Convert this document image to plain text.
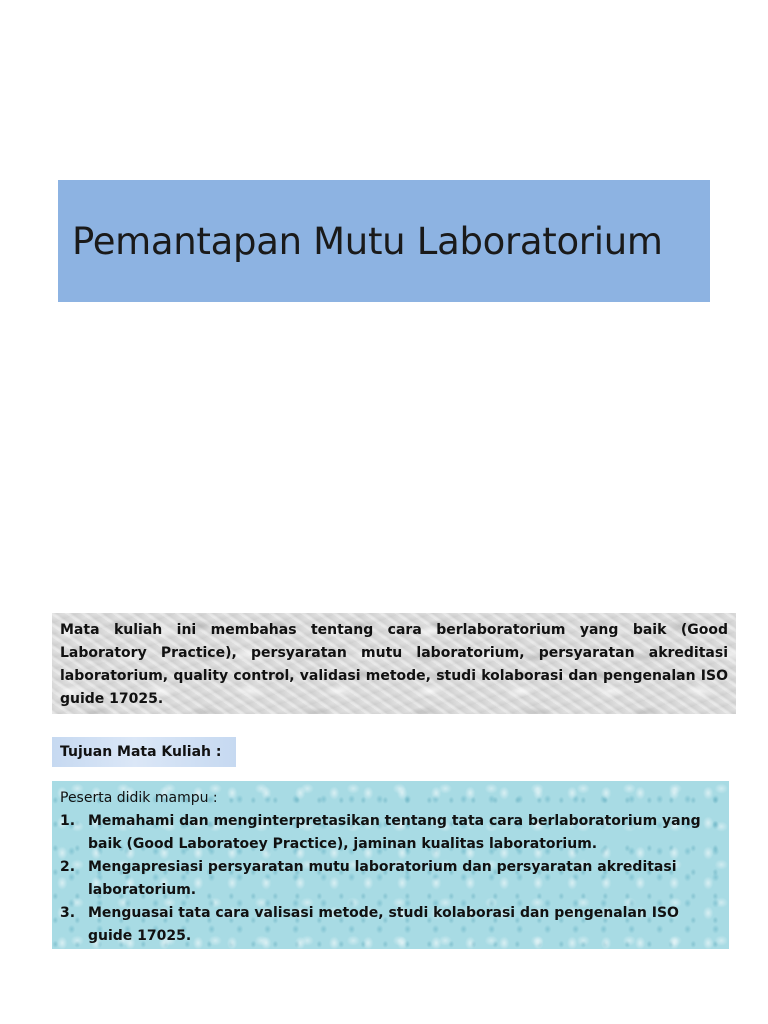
Pemantapan Mutu Laboratorium
Mata kuliah ini membahas tentang cara berlaboratorium yang baik (Good Laboratory Practice), persyaratan mutu laboratorium, persyaratan akreditasi laboratorium, quality control, validasi metode, studi kolaborasi dan pengenalan ISO guide 17025.
Tujuan Mata Kuliah :

Peserta didik mampu :

1. Memahami dan menginterpretasikan tentang tata cara berlaboratorium yang baik (Good Laboratoey Practice), jaminan kualitas laboratorium.
2. Mengapresiasi persyaratan mutu laboratorium dan persyaratan akreditasi laboratorium.
3. Menguasai tata cara valisasi metode, studi kolaborasi dan pengenalan ISO guide 17025.
